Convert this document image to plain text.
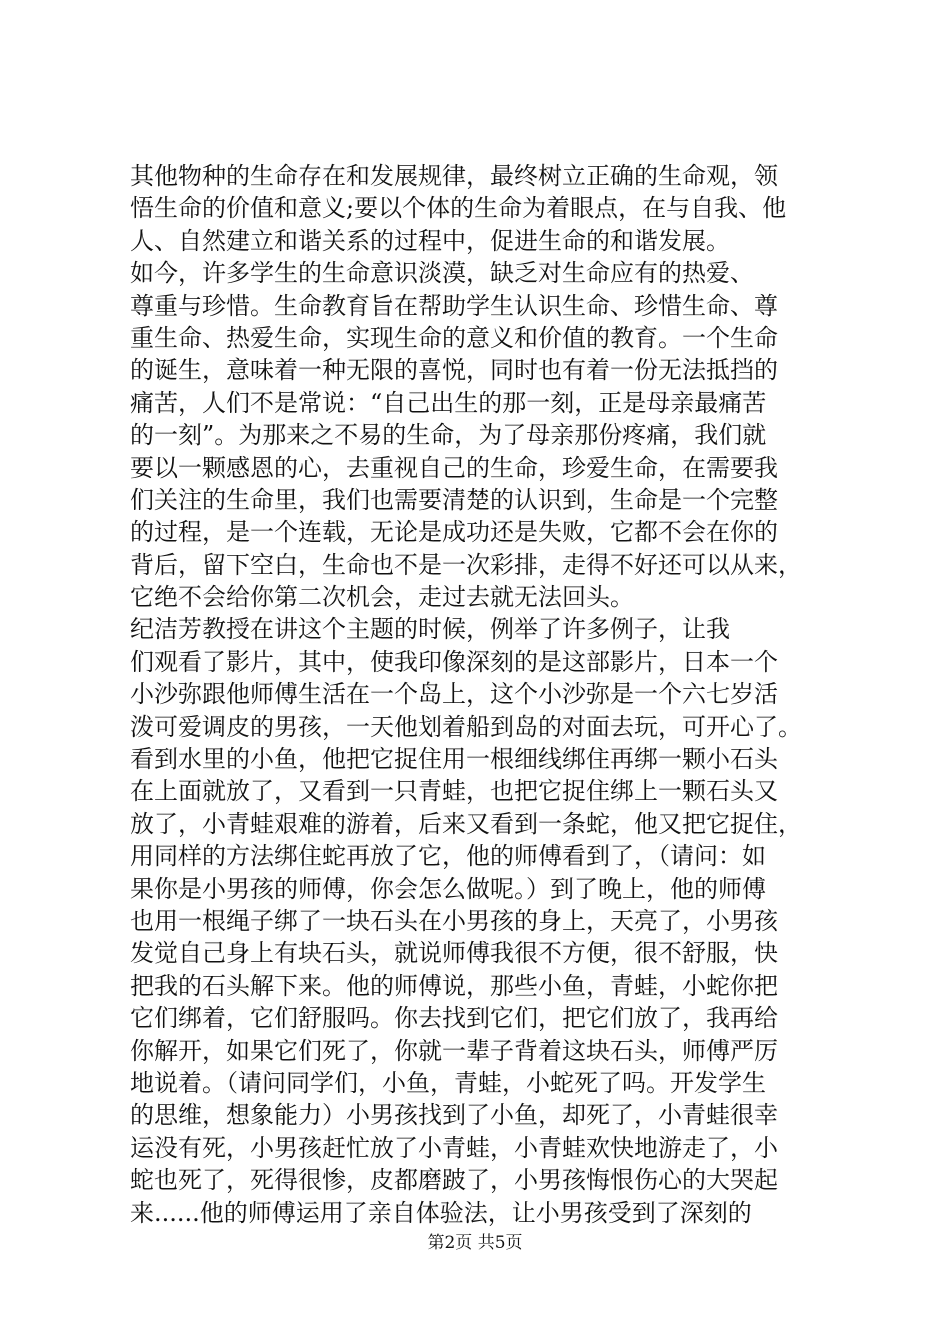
其他物种的生命存在和发展规律，最终树立正确的生命观，领
悟生命的价值和意义;要以个体的生命为着眼点，在与自我、他
人、自然建立和谐关系的过程中，促进生命的和谐发展。
如今，许多学生的生命意识淡漠，缺乏对生命应有的热爱、
尊重与珍惜。生命教育旨在帮助学生认识生命、珍惜生命、尊
重生命、热爱生命，实现生命的意义和价值的教育。一个生命
的诞生，意味着一种无限的喜悦，同时也有着一份无法抵挡的
痛苦，人们不是常说：“自己出生的那一刻，正是母亲最痛苦
的一刻”。为那来之不易的生命，为了母亲那份疼痛，我们就
要以一颗感恩的心，去重视自己的生命，珍爱生命，在需要我
们关注的生命里，我们也需要清楚的认识到，生命是一个完整
的过程，是一个连载，无论是成功还是失败，它都不会在你的
背后，留下空白，生命也不是一次彩排，走得不好还可以从来，
它绝不会给你第二次机会，走过去就无法回头。
纪洁芳教授在讲这个主题的时候，例举了许多例子，让我
们观看了影片，其中，使我印像深刻的是这部影片，日本一个
小沙弥跟他师傅生活在一个岛上，这个小沙弥是一个六七岁活
泼可爱调皮的男孩，一天他划着船到岛的对面去玩，可开心了。
看到水里的小鱼，他把它捉住用一根细线绑住再绑一颗小石头
在上面就放了，又看到一只青蛙，也把它捉住绑上一颗石头又
放了，小青蛙艰难的游着，后来又看到一条蛇，他又把它捉住，
用同样的方法绑住蛇再放了它，他的师傅看到了，（请问：如
果你是小男孩的师傅，你会怎么做呢。）到了晚上，他的师傅
也用一根绳子绑了一块石头在小男孩的身上，天亮了，小男孩
发觉自己身上有块石头，就说师傅我很不方便，很不舒服，快
把我的石头解下来。他的师傅说，那些小鱼，青蛙，小蛇你把
它们绑着，它们舒服吗。你去找到它们，把它们放了，我再给
你解开，如果它们死了，你就一辈子背着这块石头，师傅严厉
地说着。（请问同学们，小鱼，青蛙，小蛇死了吗。开发学生
的思维，想象能力）小男孩找到了小鱼，却死了，小青蛙很幸
运没有死，小男孩赶忙放了小青蛙，小青蛙欢快地游走了，小
蛇也死了，死得很惨，皮都磨跛了，小男孩悔恨伤心的大哭起
来......他的师傅运用了亲自体验法，让小男孩受到了深刻的
第2页 共5页
